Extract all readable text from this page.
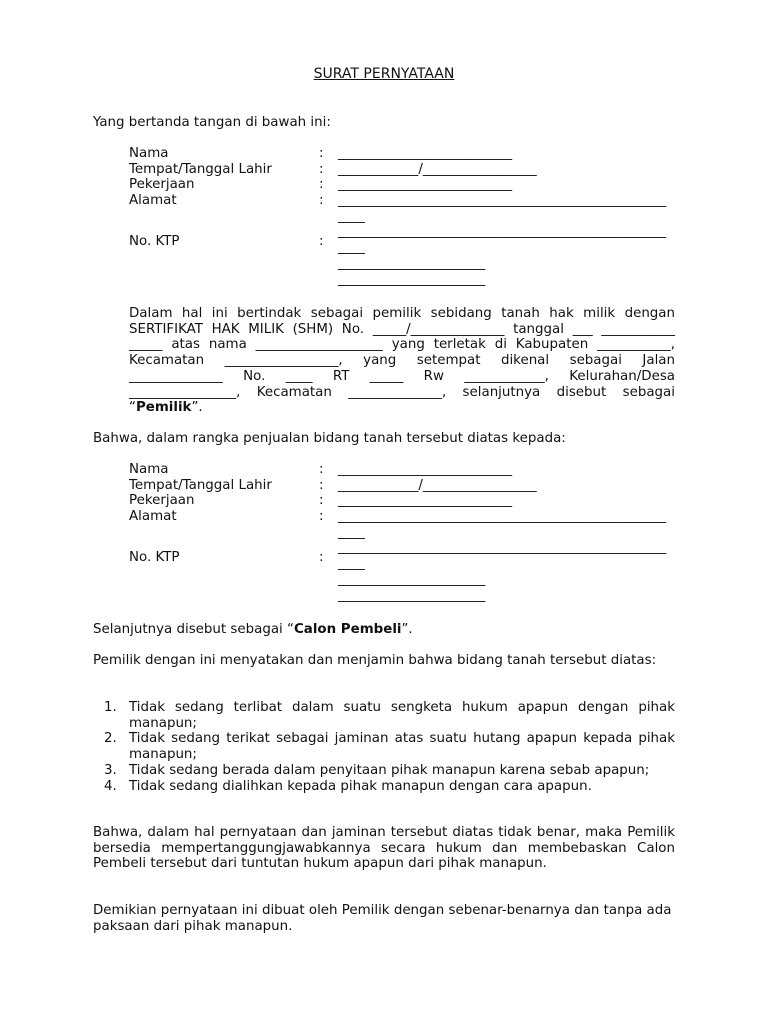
SURAT PERNYATAAN

Yang bertanda tangan di bawah ini:

Nama	: __________________________
Tempat/Tanggal Lahir	: ____________/_________________
Pekerjaan	: __________________________
Alamat	: _________________________________________________
____
_________________________________________________
No. KTP	: ____
______________________
______________________

Dalam hal ini bertindak sebagai pemilik sebidang tanah hak milik dengan SERTIFIKAT HAK MILIK (SHM) No. _____/______________ tanggal ___ ___________ _____ atas nama ___________________ yang terletak di Kabupaten ___________, Kecamatan _________________, yang setempat dikenal sebagai Jalan ______________ No. ____ RT _____ Rw ____________, Kelurahan/Desa ________________, Kecamatan ______________, selanjutnya disebut sebagai “Pemilik”.

Bahwa, dalam rangka penjualan bidang tanah tersebut diatas kepada:

Nama	: __________________________
Tempat/Tanggal Lahir	: ____________/_________________
Pekerjaan	: __________________________
Alamat	: _________________________________________________
____
_________________________________________________
No. KTP	: ____
______________________
______________________

Selanjutnya disebut sebagai “Calon Pembeli”.

Pemilik dengan ini menyatakan dan menjamin bahwa bidang tanah tersebut diatas:

1. Tidak sedang terlibat dalam suatu sengketa hukum apapun dengan pihak manapun;
2. Tidak sedang terikat sebagai jaminan atas suatu hutang apapun kepada pihak manapun;
3. Tidak sedang berada dalam penyitaan pihak manapun karena sebab apapun;
4. Tidak sedang dialihkan kepada pihak manapun dengan cara apapun.

Bahwa, dalam hal pernyataan dan jaminan tersebut diatas tidak benar, maka Pemilik bersedia mempertanggungjawabkannya secara hukum dan membebaskan Calon Pembeli tersebut dari tuntutan hukum apapun dari pihak manapun.

Demikian pernyataan ini dibuat oleh Pemilik dengan sebenar-benarnya dan tanpa ada paksaan dari pihak manapun.
